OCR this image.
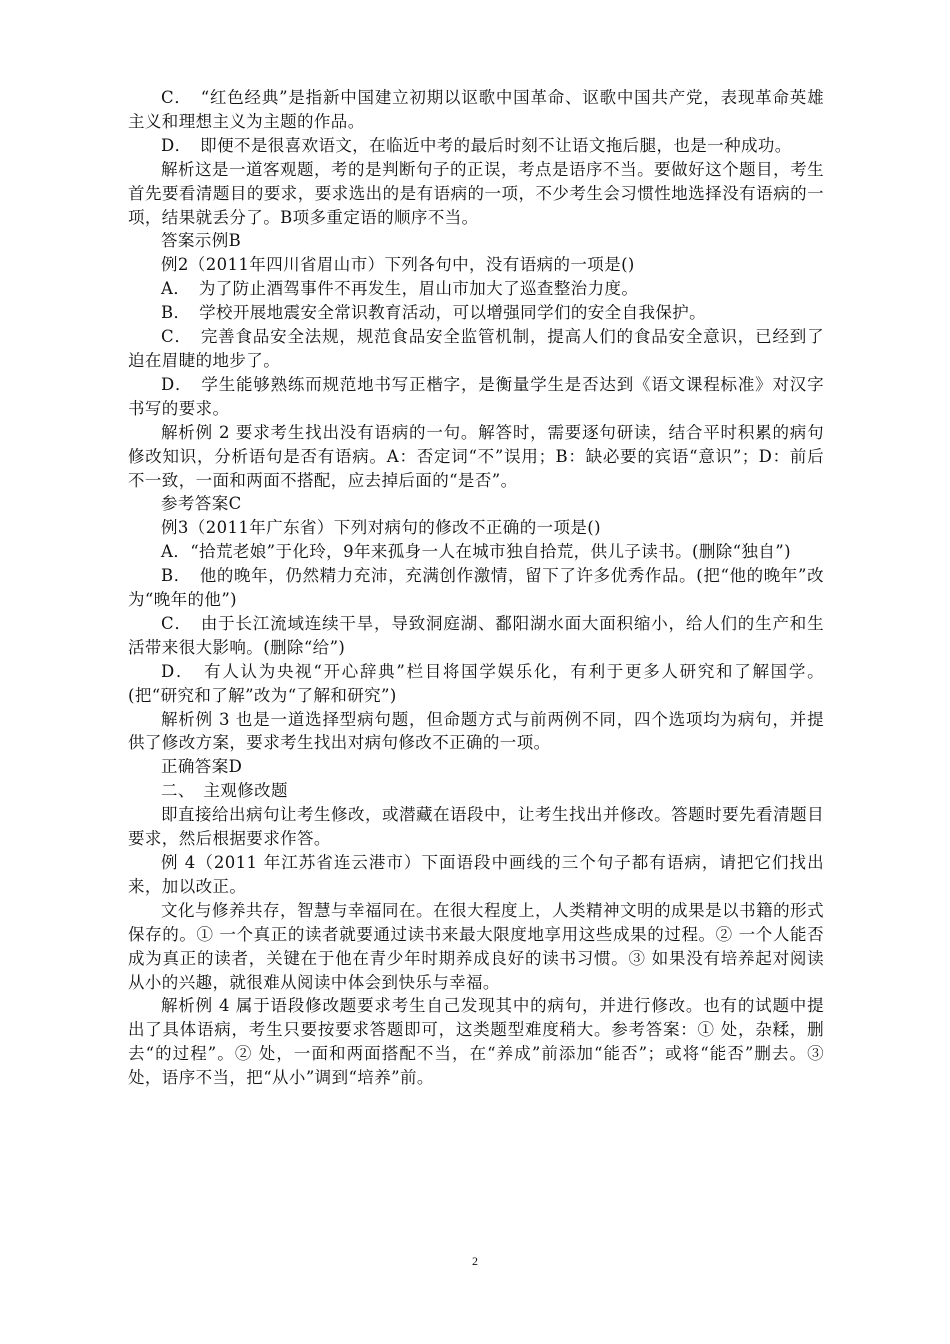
C．　“红色经典”是指新中国建立初期以讴歌中国革命、讴歌中国共产党，表现革命英雄主义和理想主义为主题的作品。

D．　即便不是很喜欢语文，在临近中考的最后时刻不让语文拖后腿，也是一种成功。

解析这是一道客观题，考的是判断句子的正误，考点是语序不当。要做好这个题目，考生首先要看清题目的要求，要求选出的是有语病的一项，不少考生会习惯性地选择没有语病的一项，结果就丢分了。B项多重定语的顺序不当。

答案示例B

例2（2011年四川省眉山市）下列各句中，没有语病的一项是()

A．　为了防止酒驾事件不再发生，眉山市加大了巡查整治力度。

B．　学校开展地震安全常识教育活动，可以增强同学们的安全自我保护。

C．　完善食品安全法规，规范食品安全监管机制，提高人们的食品安全意识，已经到了迫在眉睫的地步了。

D．　学生能够熟练而规范地书写正楷字，是衡量学生是否达到《语文课程标准》对汉字书写的要求。

解析例 2 要求考生找出没有语病的一句。解答时，需要逐句研读，结合平时积累的病句修改知识，分析语句是否有语病。A：否定词“不”误用；B：缺必要的宾语“意识”；D：前后不一致，一面和两面不搭配，应去掉后面的“是否”。

参考答案C

例3（2011年广东省）下列对病句的修改不正确的一项是()

A．“拾荒老娘”于化玲，9年来孤身一人在城市独自拾荒，供儿子读书。(删除“独自”)

B．　他的晚年，仍然精力充沛，充满创作激情，留下了许多优秀作品。(把“他的晚年”改为“晚年的他”)

C．　由于长江流域连续干旱，导致洞庭湖、鄱阳湖水面大面积缩小，给人们的生产和生活带来很大影响。(删除“给”)

D．　有人认为央视“开心辞典”栏目将国学娱乐化，有利于更多人研究和了解国学。(把“研究和了解”改为“了解和研究”)

解析例 3 也是一道选择型病句题，但命题方式与前两例不同，四个选项均为病句，并提供了修改方案，要求考生找出对病句修改不正确的一项。

正确答案D

二、　主观修改题

即直接给出病句让考生修改，或潜藏在语段中，让考生找出并修改。答题时要先看清题目要求，然后根据要求作答。

例 4（2011 年江苏省连云港市）下面语段中画线的三个句子都有语病，请把它们找出来，加以改正。

文化与修养共存，智慧与幸福同在。在很大程度上，人类精神文明的成果是以书籍的形式保存的。① 一个真正的读者就要通过读书来最大限度地享用这些成果的过程。② 一个人能否成为真正的读者，关键在于他在青少年时期养成良好的读书习惯。③ 如果没有培养起对阅读从小的兴趣，就很难从阅读中体会到快乐与幸福。

解析例 4 属于语段修改题要求考生自己发现其中的病句，并进行修改。也有的试题中提出了具体语病，考生只要按要求答题即可，这类题型难度稍大。参考答案：① 处，杂糅，删去“的过程”。② 处，一面和两面搭配不当，在“养成”前添加“能否”；或将“能否”删去。③ 处，语序不当，把“从小”调到“培养”前。

2
